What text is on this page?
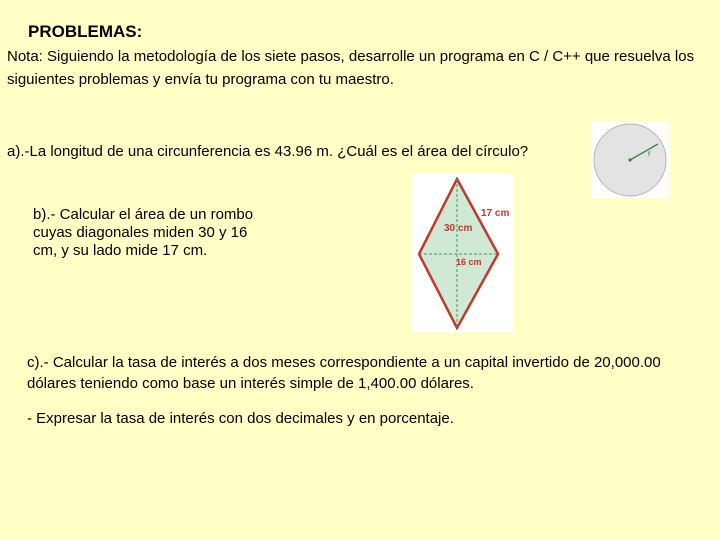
PROBLEMAS:
Nota: Siguiendo la metodología de los siete pasos, desarrolle un programa en C / C++ que resuelva los siguientes problemas y envía tu programa con tu maestro.
a).-La longitud de una circunferencia es 43.96 m. ¿Cuál es el área del círculo?	r
b).- Calcular el área de un rombo cuyas diagonales miden 30 y 16 cm, y su lado mide 17 cm.
17 cm
30 cm
16 cm
c).- Calcular la tasa de interés a dos meses correspondiente a un capital invertido de 20,000.00 dólares teniendo como base un interés simple de 1,400.00 dólares.
- Expresar la tasa de interés con dos decimales y en porcentaje.
